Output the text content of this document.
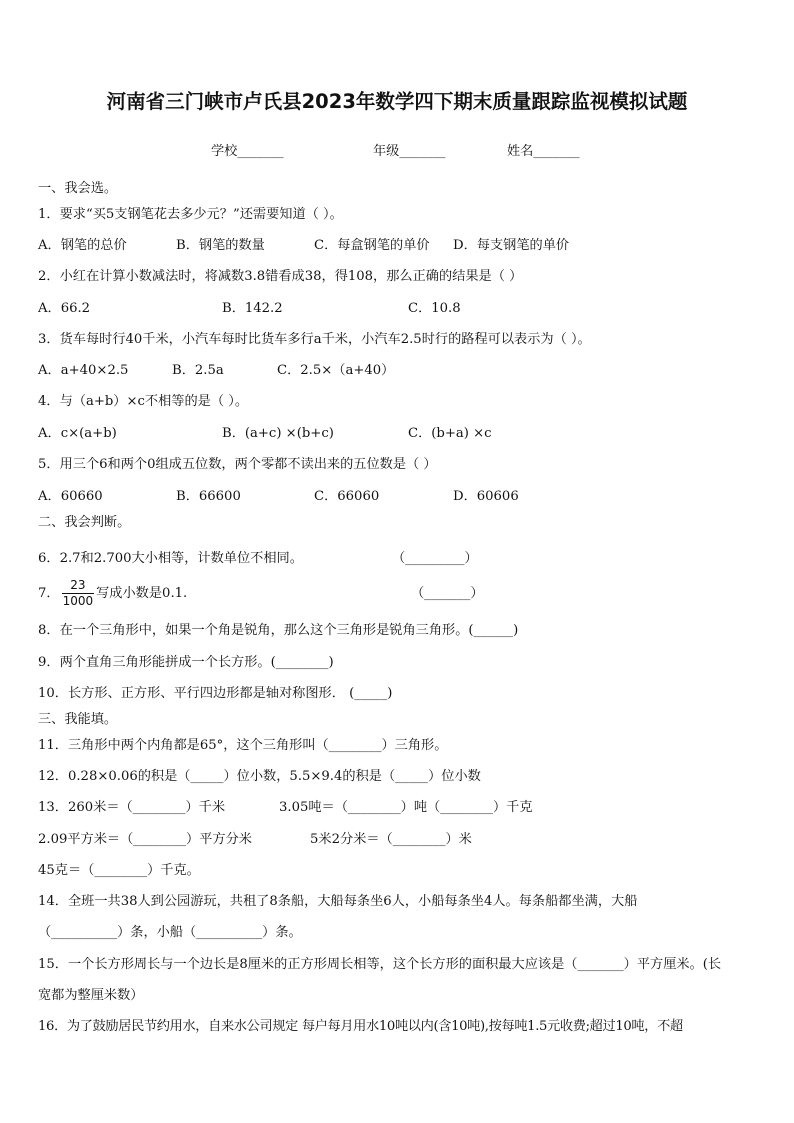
河南省三门峡市卢氏县2023年数学四下期末质量跟踪监视模拟试题
学校_______	年级_______	姓名_______
一、我会选。
1．要求“买5支钢笔花去多少元？”还需要知道（ ）。
A．钢笔的总价	B．钢笔的数量	C．每盒钢笔的单价 D．每支钢笔的单价
2．小红在计算小数减法时，将减数3.8错看成38，得108，那么正确的结果是（ ）
A．66.2	B．142.2	C．10.8
3．货车每时行40千米，小汽车每时比货车多行a千米，小汽车2.5时行的路程可以表示为（ ）。
A．a+40×2.5	B．2.5a	C．2.5×（a+40）
4．与（a+b）×c不相等的是（ ）。
A．c×(a+b)	B．(a+c) ×(b+c)	C．(b+a) ×c
5．用三个6和两个0组成五位数，两个零都不读出来的五位数是（ ）
A．60660	B．66600	C．66060	D．60606
二、我会判断。
6．2.7和2.700大小相等，计数单位不相同。	（_________）
7． $\frac{23}{1000}$ 写成小数是0.1.	（_______）
8．在一个三角形中，如果一个角是锐角，那么这个三角形是锐角三角形。(______)
9．两个直角三角形能拼成一个长方形。(________)
10．长方形、正方形、平行四边形都是轴对称图形． (_____)
三、我能填。
11．三角形中两个内角都是65°，这个三角形叫（________）三角形。
12．0.28×0.06的积是（_____）位小数，5.5×9.4的积是（_____）位小数
13．260米＝（________）千米	3.05吨＝（________）吨（________）千克
2.09平方米＝（________）平方分米	5米2分米＝（________）米
45克＝（________）千克。
14．全班一共38人到公园游玩，共租了8条船，大船每条坐6人，小船每条坐4人。每条船都坐满，大船
（__________）条，小船（__________）条。
15．一个长方形周长与一个边长是8厘米的正方形周长相等，这个长方形的面积最大应该是（_______）平方厘米。(长
宽都为整厘米数）
16．为了鼓励居民节约用水，自来水公司规定 每户每月用水10吨以内(含10吨),按每吨1.5元收费;超过10吨，不超
